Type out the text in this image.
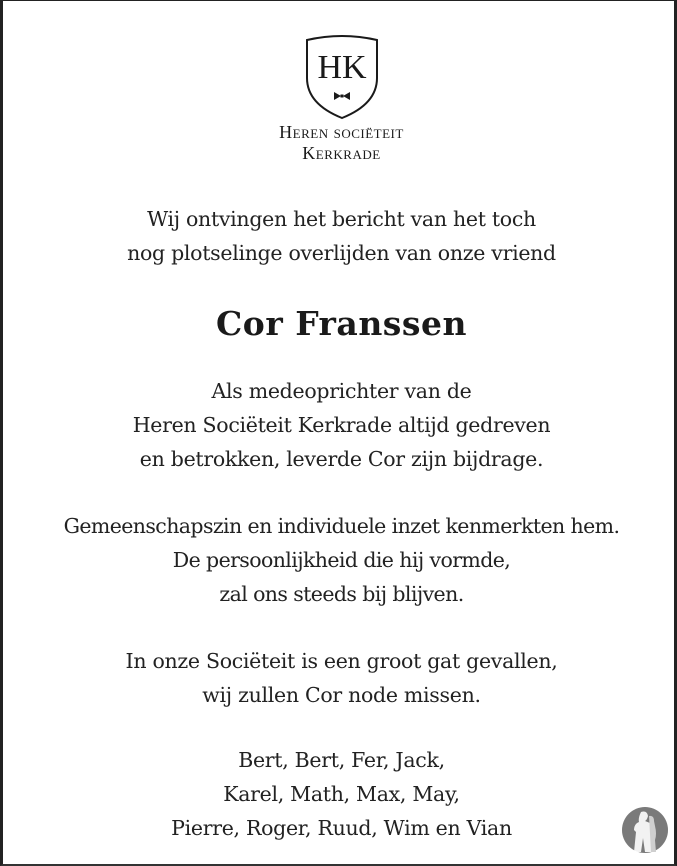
HK
Heren sociëteit
Kerkrade
Wij ontvingen het bericht van het toch
nog plotselinge overlijden van onze vriend
Cor Franssen
Als medeoprichter van de
Heren Sociëteit Kerkrade altijd gedreven
en betrokken, leverde Cor zijn bijdrage.
Gemeenschapszin en individuele inzet kenmerkten hem.
De persoonlijkheid die hij vormde,
zal ons steeds bij blijven.
In onze Sociëteit is een groot gat gevallen,
wij zullen Cor node missen.
Bert, Bert, Fer, Jack,
Karel, Math, Max, May,
Pierre, Roger, Ruud, Wim en Vian
